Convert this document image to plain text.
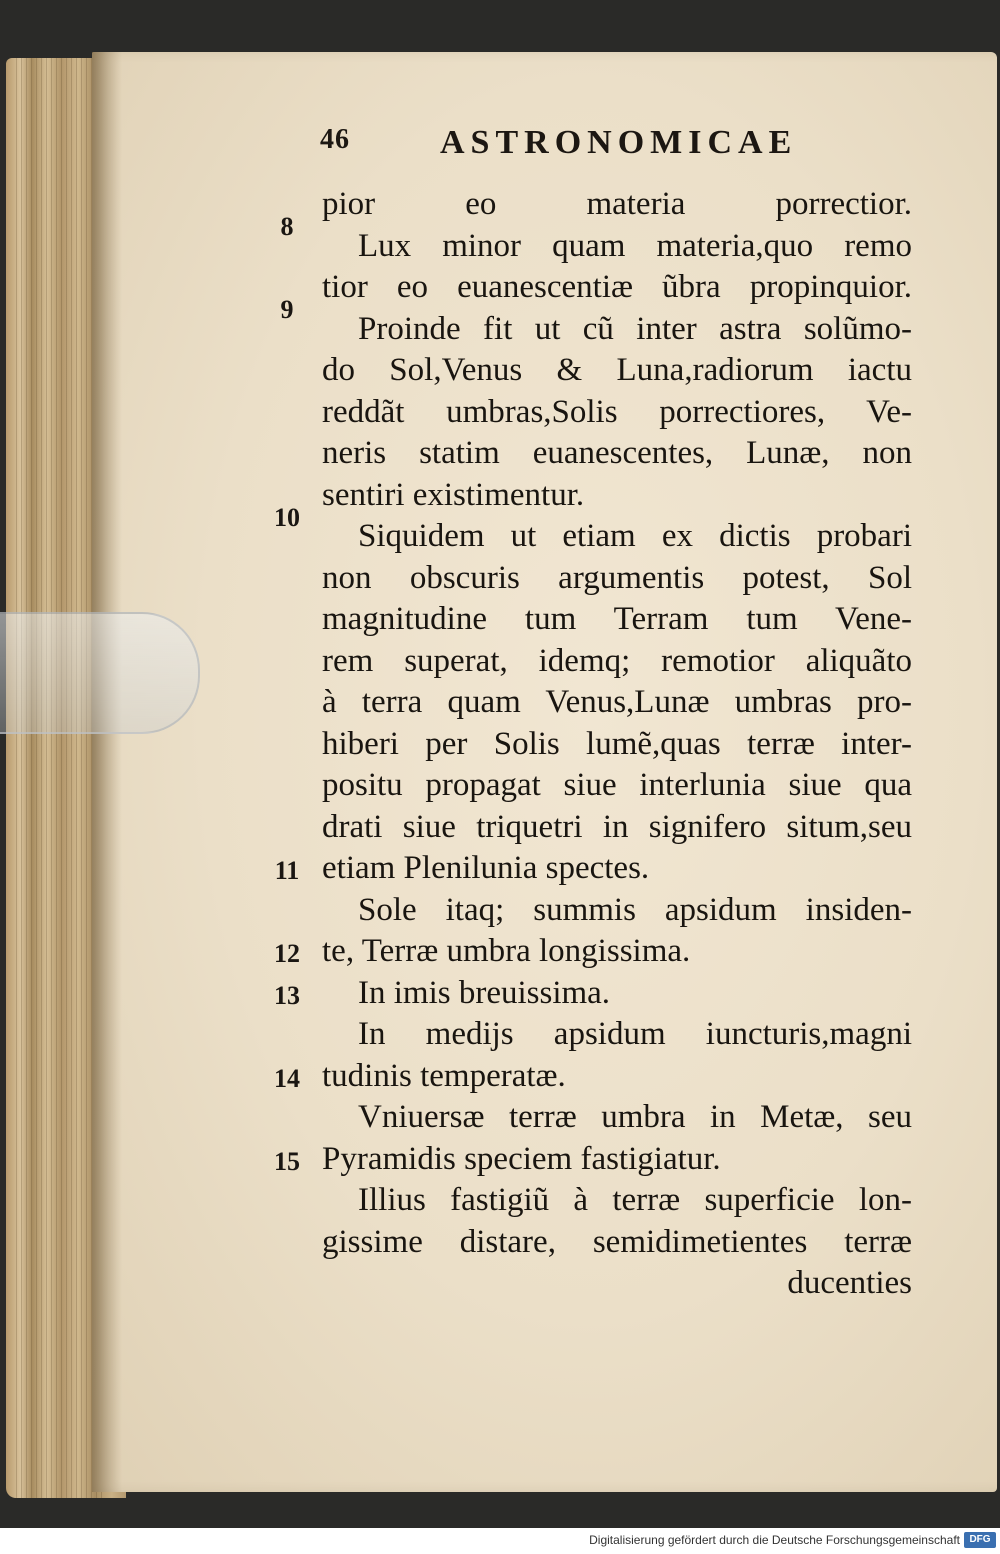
46	ASTRONOMICAE
8
9
10
11
12
13
14
15
pior eo materia porrectior.
Lux minor quam materia,quo remo
tior eo euanescentiæ ũbra propinquior.
Proinde fit ut cũ inter astra solũmo-
do Sol,Venus & Luna,radiorum iactu
reddãt umbras,Solis porrectiores, Ve-
neris statim euanescentes, Lunæ, non
sentiri existimentur.
Siquidem ut etiam ex dictis probari
non obscuris argumentis potest, Sol
magnitudine tum Terram tum Vene-
rem superat, idemq; remotior aliquãto
à terra quam Venus,Lunæ umbras pro-
hiberi per Solis lumẽ,quas terræ inter-
positu propagat siue interlunia siue qua
drati siue triquetri in signifero situm,seu
etiam Plenilunia spectes.
Sole itaq; summis apsidum insiden-
te, Terræ umbra longissima.
In imis breuissima.
In medijs apsidum iuncturis,magni
tudinis temperatæ.
Vniuersæ terræ umbra in Metæ, seu
Pyramidis speciem fastigiatur.
Illius fastigiũ à terræ superficie lon-
gissime distare, semidimetientes terræ
ducenties
Digitalisierung gefördert durch die Deutsche Forschungsgemeinschaft DFG
